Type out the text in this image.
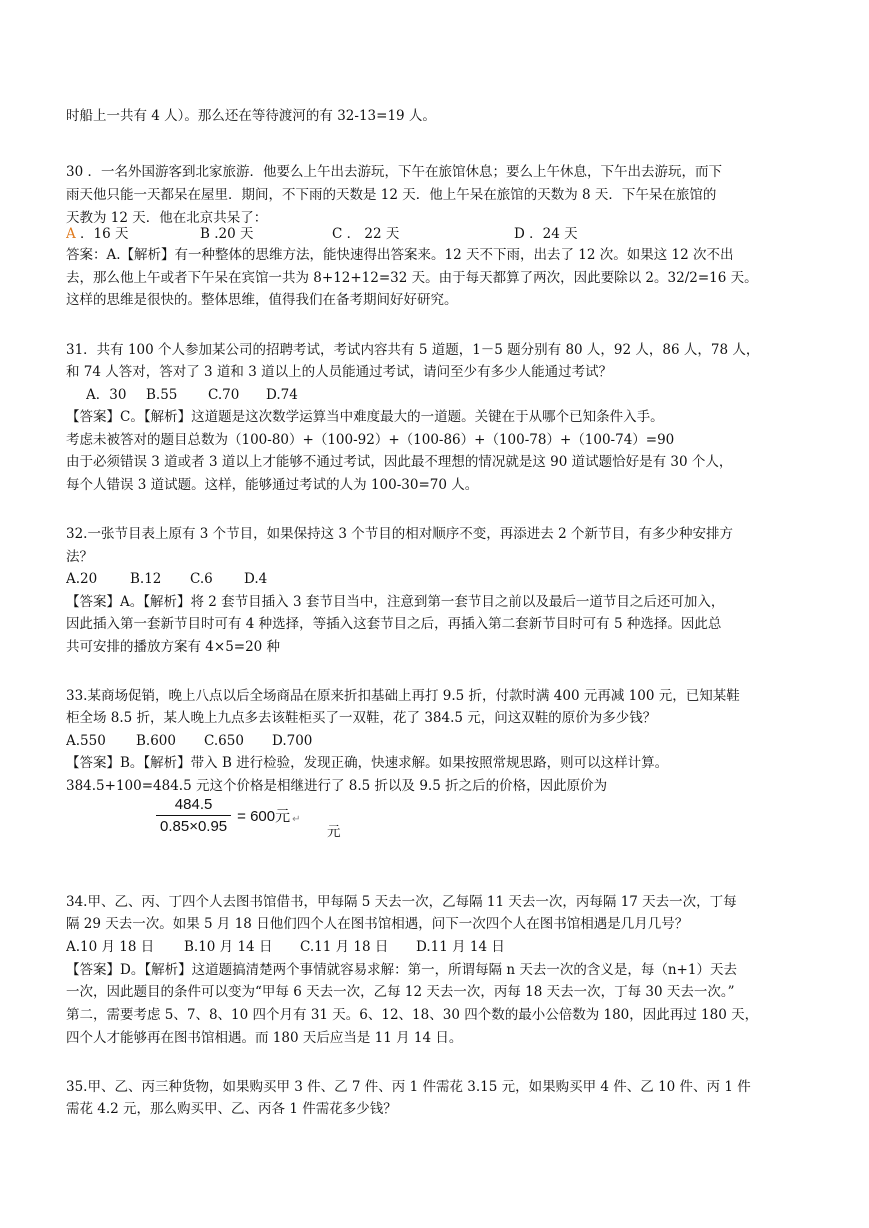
时船上一共有 4 人）。那么还在等待渡河的有 32-13=19 人。
30 ．一名外国游客到北家旅游．他要么上午出去游玩，下午在旅馆休息；要么上午休息，下午出去游玩，而下
雨天他只能一天都呆在屋里．期间，不下雨的天数是 12 天．他上午呆在旅馆的天数为 8 天．下午呆在旅馆的
天教为 12 天．他在北京共呆了：
A ．16 天	B .20 天	C ． 22 天	D ．24 天
答案：A.【解析】有一种整体的思维方法，能快速得出答案来。12 天不下雨，出去了 12 次。如果这 12 次不出
去，那么他上午或者下午呆在宾馆一共为 8+12+12=32 天。由于每天都算了两次，因此要除以 2。32/2=16 天。
这样的思维是很快的。整体思维，值得我们在备考期间好好研究。
31．共有 100 个人参加某公司的招聘考试，考试内容共有 5 道题，1－5 题分别有 80 人，92 人，86 人，78 人，
和 74 人答对，答对了 3 道和 3 道以上的人员能通过考试，请问至少有多少人能通过考试？
A．30	B.55	C.70	D.74
【答案】C。【解析】这道题是这次数学运算当中难度最大的一道题。关键在于从哪个已知条件入手。
考虑未被答对的题目总数为（100-80）+（100-92）+（100-86）+（100-78）+（100-74）=90
由于必须错误 3 道或者 3 道以上才能够不通过考试，因此最不理想的情况就是这 90 道试题恰好是有 30 个人，
每个人错误 3 道试题。这样，能够通过考试的人为 100-30=70 人。
32.一张节目表上原有 3 个节目，如果保持这 3 个节目的相对顺序不变，再添进去 2 个新节目，有多少种安排方
法？
A.20	B.12	C.6	D.4
【答案】A。【解析】将 2 套节目插入 3 套节目当中，注意到第一套节目之前以及最后一道节目之后还可加入，
因此插入第一套新节目时可有 4 种选择，等插入这套节目之后，再插入第二套新节目时可有 5 种选择。因此总
共可安排的播放方案有 4×5=20 种
33.某商场促销，晚上八点以后全场商品在原来折扣基础上再打 9.5 折，付款时满 400 元再减 100 元，已知某鞋
柜全场 8.5 折，某人晚上九点多去该鞋柜买了一双鞋，花了 384.5 元，问这双鞋的原价为多少钱？
A.550	B.600	C.650	D.700
【答案】B。【解析】带入 B 进行检验，发现正确，快速求解。如果按照常规思路，则可以这样计算。
384.5+100=484.5 元这个价格是相继进行了 8.5 折以及 9.5 折之后的价格，因此原价为
$\frac{484.5}{0.85\times 0.95} = 600$元 ↵
元
34.甲、乙、丙、丁四个人去图书馆借书，甲每隔 5 天去一次，乙每隔 11 天去一次，丙每隔 17 天去一次，丁每
隔 29 天去一次。如果 5 月 18 日他们四个人在图书馆相遇，问下一次四个人在图书馆相遇是几月几号？
A.10 月 18 日	B.10 月 14 日	C.11 月 18 日	D.11 月 14 日
【答案】D。【解析】这道题搞清楚两个事情就容易求解：第一，所谓每隔 n 天去一次的含义是，每（n+1）天去
一次，因此题目的条件可以变为“甲每 6 天去一次，乙每 12 天去一次，丙每 18 天去一次，丁每 30 天去一次。”
第二，需要考虑 5、7、8、10 四个月有 31 天。6、12、18、30 四个数的最小公倍数为 180，因此再过 180 天，
四个人才能够再在图书馆相遇。而 180 天后应当是 11 月 14 日。
35.甲、乙、丙三种货物，如果购买甲 3 件、乙 7 件、丙 1 件需花 3.15 元，如果购买甲 4 件、乙 10 件、丙 1 件
需花 4.2 元，那么购买甲、乙、丙各 1 件需花多少钱？
